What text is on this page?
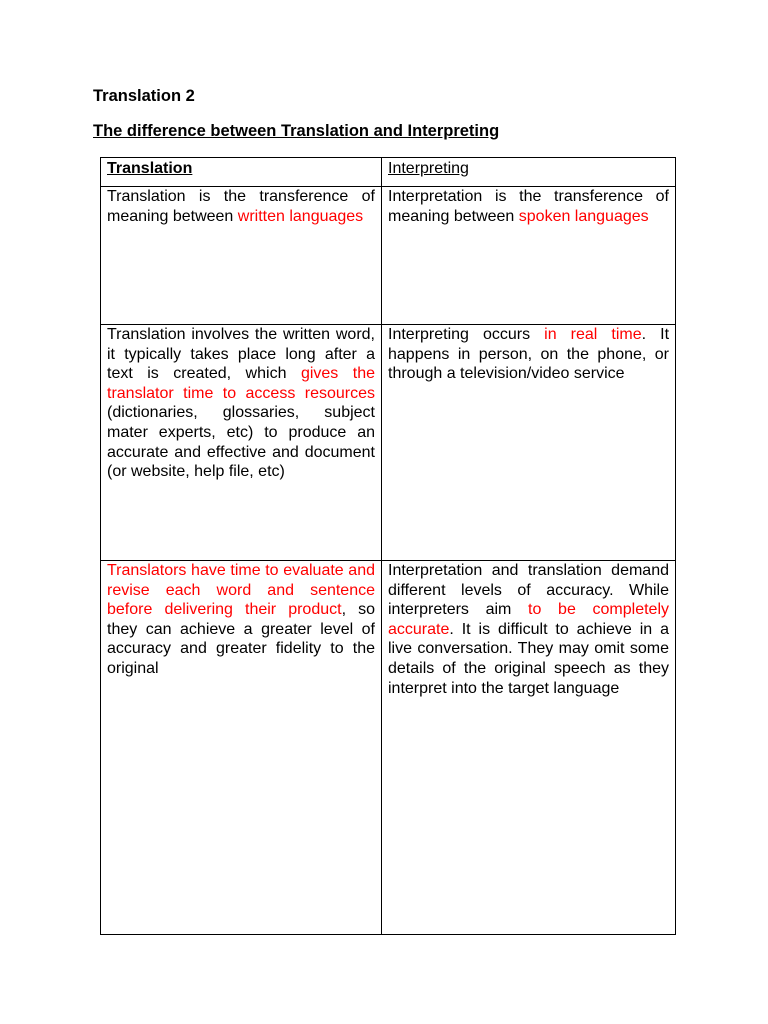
Translation 2
The difference between Translation and Interpreting
Translation	Interpreting
Translation is the transference of meaning between written languages	Interpretation is the transference of meaning between spoken languages
Translation involves the written word, it typically takes place long after a text is created, which gives the translator time to access resources (dictionaries, glossaries, subject mater experts, etc) to produce an accurate and effective and document (or website, help file, etc)	Interpreting occurs in real time. It happens in person, on the phone, or through a television/video service
Translators have time to evaluate and revise each word and sentence before delivering their product, so they can achieve a greater level of accuracy and greater fidelity to the original	Interpretation and translation demand different levels of accuracy. While interpreters aim to be completely accurate. It is difficult to achieve in a live conversation. They may omit some details of the original speech as they interpret into the target language
